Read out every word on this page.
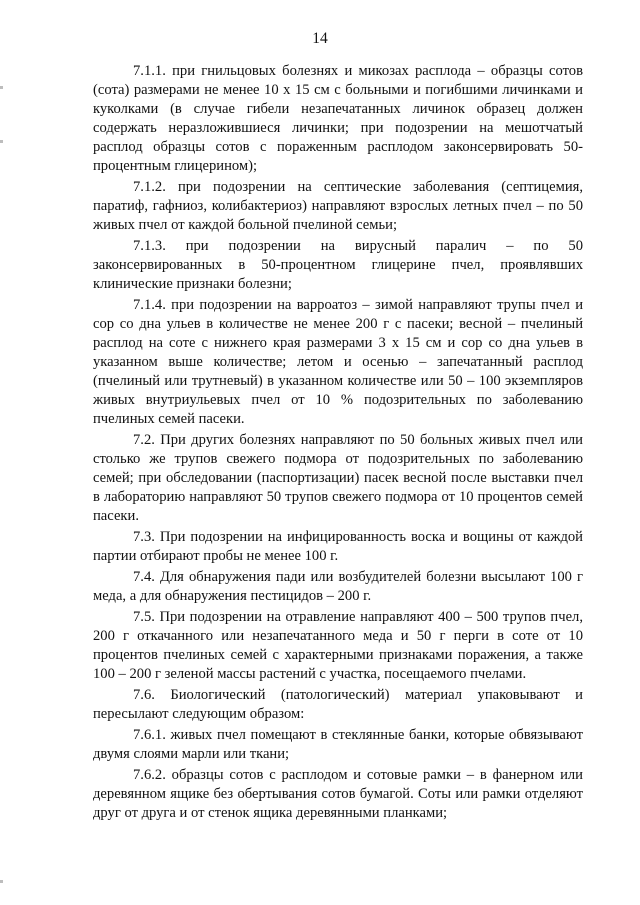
14

7.1.1. при гнильцовых болезнях и микозах расплода – образцы сотов (сота) размерами не менее 10 х 15 см с больными и погибшими личинками и куколками (в случае гибели незапечатанных личинок образец должен содержать неразложившиеся личинки; при подозрении на мешотчатый расплод образцы сотов с пораженным расплодом законсервировать 50-процентным глицерином);

7.1.2. при подозрении на септические заболевания (септицемия, паратиф, гафниоз, колибактериоз) направляют взрослых летных пчел – по 50 живых пчел от каждой больной пчелиной семьи;

7.1.3. при подозрении на вирусный паралич – по 50 законсервированных в 50-процентном глицерине пчел, проявлявших клинические признаки болезни;

7.1.4. при подозрении на варроатоз – зимой направляют трупы пчел и сор со дна ульев в количестве не менее 200 г с пасеки; весной – пчелиный расплод на соте с нижнего края размерами 3 х 15 см и сор со дна ульев в указанном выше количестве; летом и осенью – запечатанный расплод (пчелиный или трутневый) в указанном количестве или 50 – 100 экземпляров живых внутриульевых пчел от 10 % подозрительных по заболеванию пчелиных семей пасеки.

7.2. При других болезнях направляют по 50 больных живых пчел или столько же трупов свежего подмора от подозрительных по заболеванию семей; при обследовании (паспортизации) пасек весной после выставки пчел в лабораторию направляют 50 трупов свежего подмора от 10 процентов семей пасеки.

7.3. При подозрении на инфицированность воска и вощины от каждой партии отбирают пробы не менее 100 г.

7.4. Для обнаружения пади или возбудителей болезни высылают 100 г меда, а для обнаружения пестицидов – 200 г.

7.5. При подозрении на отравление направляют 400 – 500 трупов пчел, 200 г откачанного или незапечатанного меда и 50 г перги в соте от 10 процентов пчелиных семей с характерными признаками поражения, а также 100 – 200 г зеленой массы растений с участка, посещаемого пчелами.

7.6. Биологический (патологический) материал упаковывают и пересылают следующим образом:

7.6.1. живых пчел помещают в стеклянные банки, которые обвязывают двумя слоями марли или ткани;

7.6.2. образцы сотов с расплодом и сотовые рамки – в фанерном или деревянном ящике без обертывания сотов бумагой. Соты или рамки отделяют друг от друга и от стенок ящика деревянными планками;
